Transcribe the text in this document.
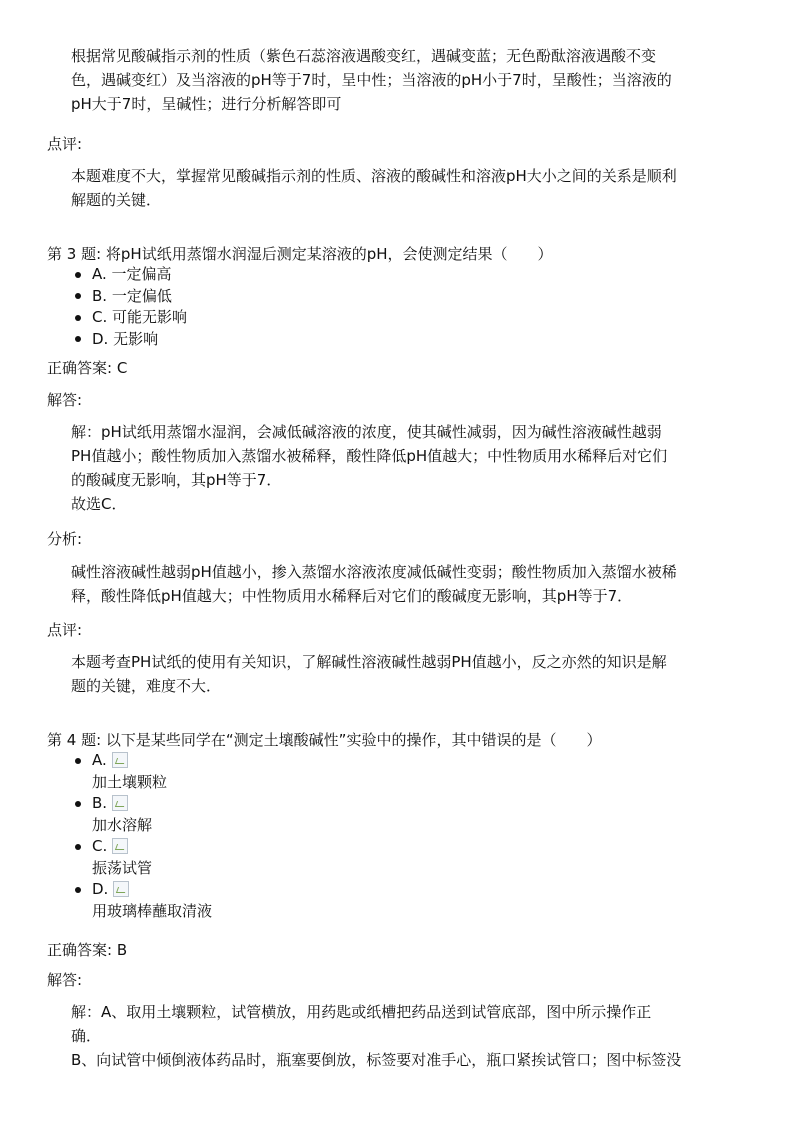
根据常见酸碱指示剂的性质（紫色石蕊溶液遇酸变红，遇碱变蓝；无色酚酞溶液遇酸不变
色，遇碱变红）及当溶液的pH等于7时，呈中性；当溶液的pH小于7时，呈酸性；当溶液的
pH大于7时，呈碱性；进行分析解答即可
点评:
本题难度不大，掌握常见酸碱指示剂的性质、溶液的酸碱性和溶液pH大小之间的关系是顺利
解题的关键．
第 3 题: 将pH试纸用蒸馏水润湿后测定某溶液的pH，会使测定结果（　　）
A. 一定偏高
B. 一定偏低
C. 可能无影响
D. 无影响
正确答案: C
解答:
解：pH试纸用蒸馏水湿润，会减低碱溶液的浓度，使其碱性减弱，因为碱性溶液碱性越弱
PH值越小；酸性物质加入蒸馏水被稀释，酸性降低pH值越大；中性物质用水稀释后对它们
的酸碱度无影响，其pH等于7．
故选C．
分析:
碱性溶液碱性越弱pH值越小，掺入蒸馏水溶液浓度减低碱性变弱；酸性物质加入蒸馏水被稀
释，酸性降低pH值越大；中性物质用水稀释后对它们的酸碱度无影响，其pH等于7．
点评:
本题考查PH试纸的使用有关知识，了解碱性溶液碱性越弱PH值越小，反之亦然的知识是解
题的关键，难度不大．
第 4 题: 以下是某些同学在“测定土壤酸碱性”实验中的操作，其中错误的是（　　）
A.
加土壤颗粒
B.
加水溶解
C.
振荡试管
D.
用玻璃棒蘸取清液
正确答案: B
解答:
解：A、取用土壤颗粒，试管横放，用药匙或纸槽把药品送到试管底部，图中所示操作正
确．
B、向试管中倾倒液体药品时，瓶塞要倒放，标签要对准手心，瓶口紧挨试管口；图中标签没
